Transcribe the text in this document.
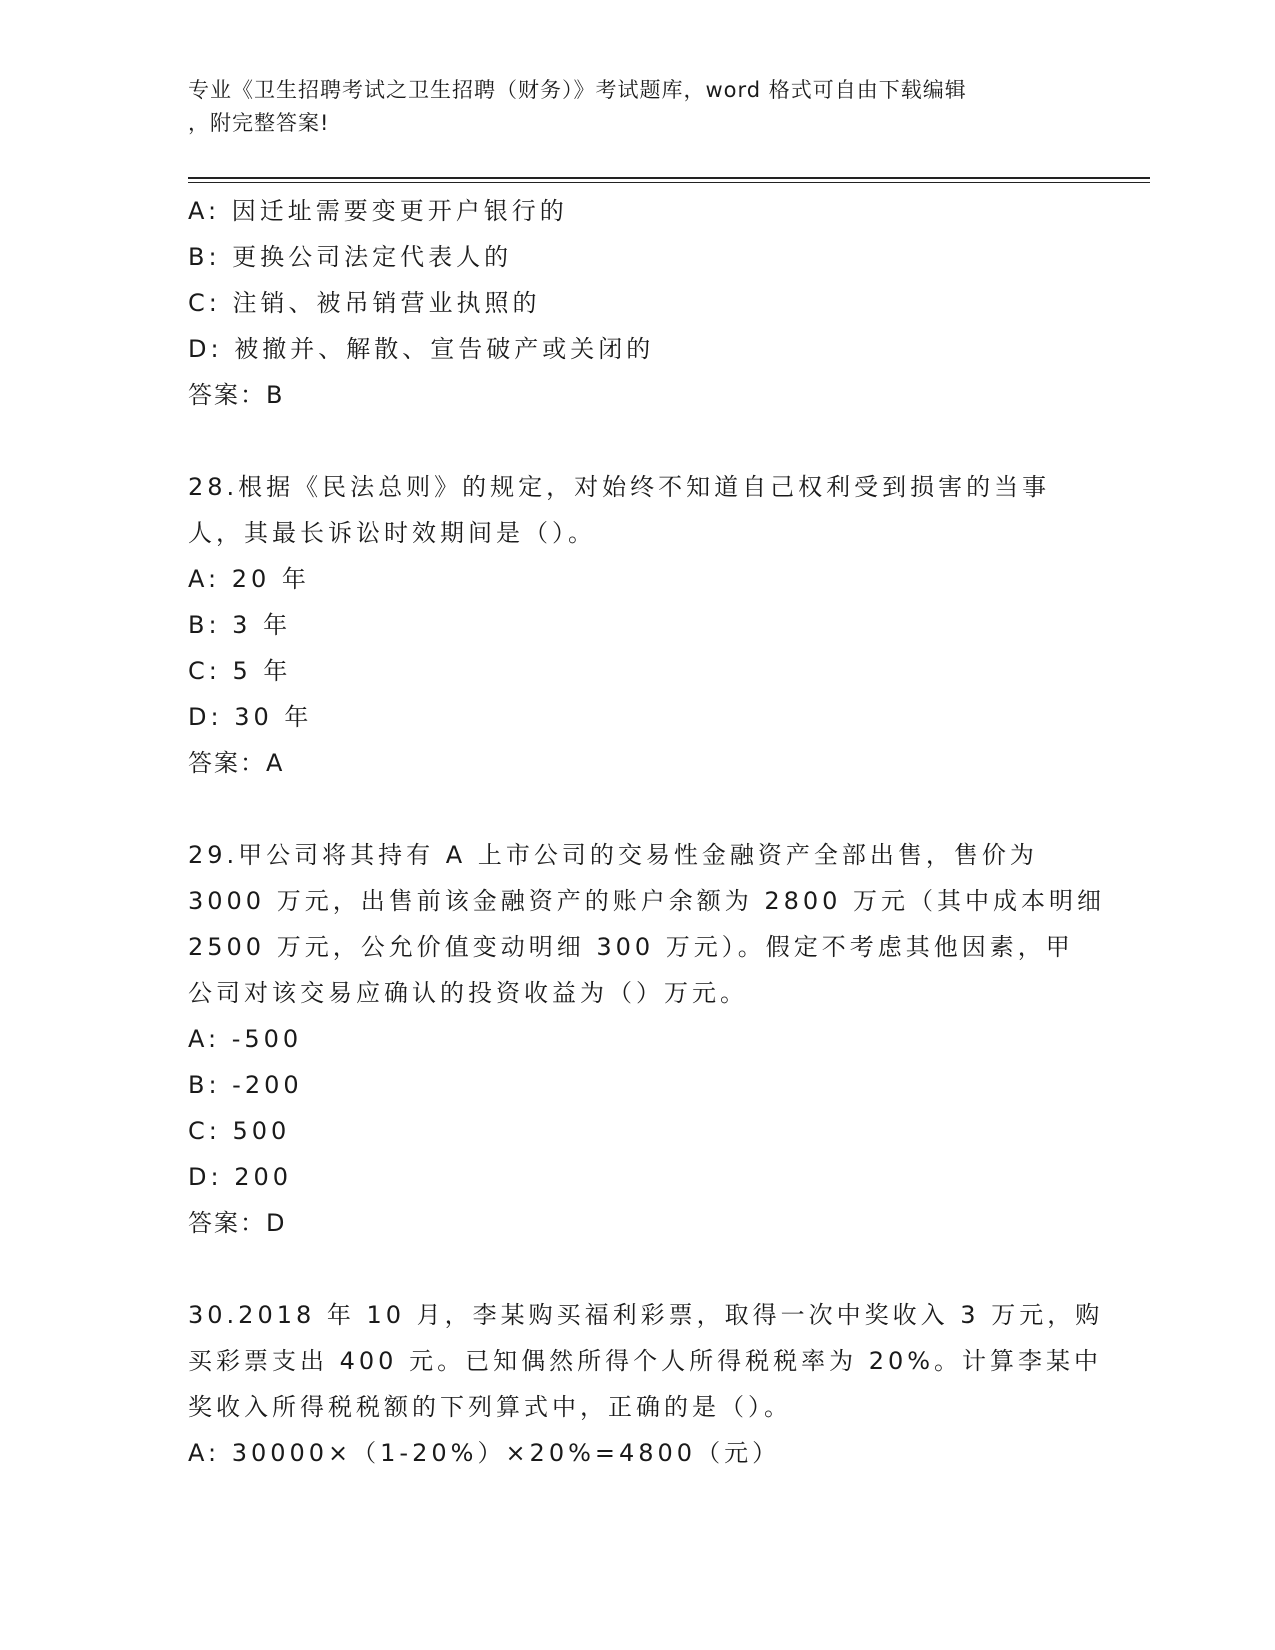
专业《卫生招聘考试之卫生招聘（财务）》考试题库，word 格式可自由下载编辑
，附完整答案!
A: 因迁址需要变更开户银行的
B: 更换公司法定代表人的
C: 注销、被吊销营业执照的
D: 被撤并、解散、宣告破产或关闭的
答案：B
28.根据《民法总则》的规定，对始终不知道自己权利受到损害的当事
人，其最长诉讼时效期间是（）。
A: 20 年
B: 3 年
C: 5 年
D: 30 年
答案：A
29.甲公司将其持有 A 上市公司的交易性金融资产全部出售，售价为
3000 万元，出售前该金融资产的账户余额为 2800 万元（其中成本明细
2500 万元，公允价值变动明细 300 万元）。假定不考虑其他因素，甲
公司对该交易应确认的投资收益为（）万元。
A: -500
B: -200
C: 500
D: 200
答案：D
30.2018 年 10 月，李某购买福利彩票，取得一次中奖收入 3 万元，购
买彩票支出 400 元。已知偶然所得个人所得税税率为 20%。计算李某中
奖收入所得税税额的下列算式中，正确的是（）。
A: 30000×（1-20%）×20%=4800（元）
